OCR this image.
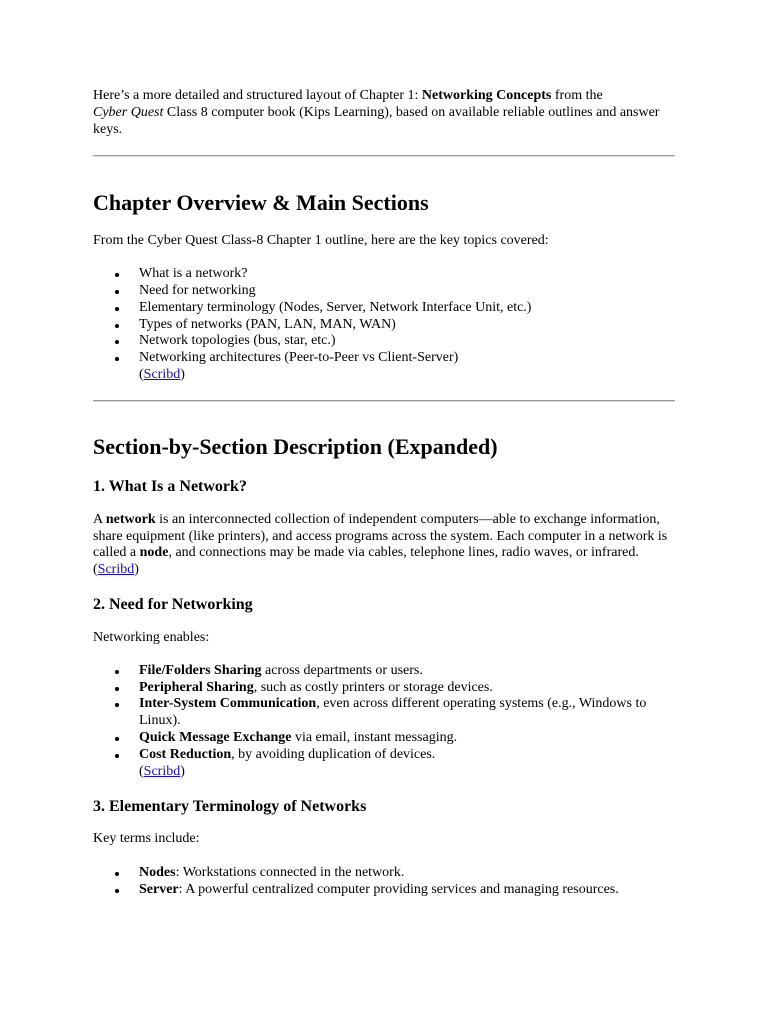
Here’s a more detailed and structured layout of Chapter 1: Networking Concepts from the
Cyber Quest Class 8 computer book (Kips Learning), based on available reliable outlines and answer keys.

Chapter Overview & Main Sections

From the Cyber Quest Class-8 Chapter 1 outline, here are the key topics covered:

What is a network?
Need for networking
Elementary terminology (Nodes, Server, Network Interface Unit, etc.)
Types of networks (PAN, LAN, MAN, WAN)
Network topologies (bus, star, etc.)
Networking architectures (Peer-to-Peer vs Client-Server)
(Scribd)
Section-by-Section Description (Expanded)
1. What Is a Network?

A network is an interconnected collection of independent computers—able to exchange information, share equipment (like printers), and access programs across the system. Each computer in a network is called a node, and connections may be made via cables, telephone lines, radio waves, or infrared.
(Scribd)

2. Need for Networking

Networking enables:

File/Folders Sharing across departments or users.
Peripheral Sharing, such as costly printers or storage devices.
Inter-System Communication, even across different operating systems (e.g., Windows to Linux).
Quick Message Exchange via email, instant messaging.
Cost Reduction, by avoiding duplication of devices.
(Scribd)
3. Elementary Terminology of Networks

Key terms include:

Nodes: Workstations connected in the network.
Server: A powerful centralized computer providing services and managing resources.
